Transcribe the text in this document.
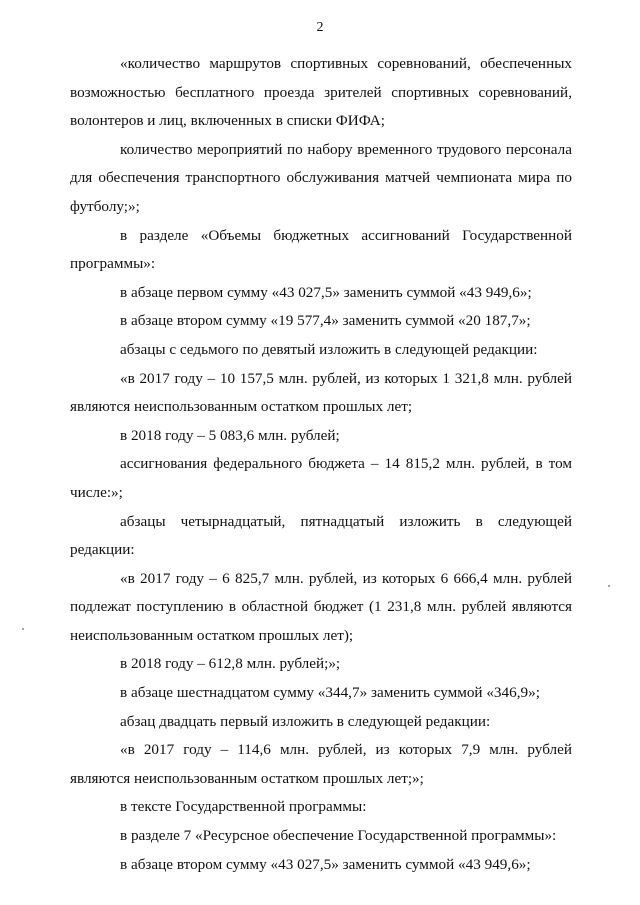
2

«количество маршрутов спортивных соревнований, обеспеченных возможностью бесплатного проезда зрителей спортивных соревнований, волонтеров и лиц, включенных в списки ФИФА;

количество мероприятий по набору временного трудового персонала для обеспечения транспортного обслуживания матчей чемпионата мира по футболу;»;

в разделе «Объемы бюджетных ассигнований Государственной программы»:

в абзаце первом сумму «43 027,5» заменить суммой «43 949,6»;

в абзаце втором сумму «19 577,4» заменить суммой «20 187,7»;

абзацы с седьмого по девятый изложить в следующей редакции:

«в 2017 году – 10 157,5 млн. рублей, из которых 1 321,8 млн. рублей являются неиспользованным остатком прошлых лет;

в 2018 году – 5 083,6 млн. рублей;

ассигнования федерального бюджета – 14 815,2 млн. рублей, в том числе:»;

абзацы четырнадцатый, пятнадцатый изложить в следующей редакции:

«в 2017 году – 6 825,7 млн. рублей, из которых 6 666,4 млн. рублей подлежат поступлению в областной бюджет (1 231,8 млн. рублей являются неиспользованным остатком прошлых лет);

в 2018 году – 612,8 млн. рублей;»;

в абзаце шестнадцатом сумму «344,7» заменить суммой «346,9»;

абзац двадцать первый изложить в следующей редакции:

«в 2017 году – 114,6 млн. рублей, из которых 7,9 млн. рублей являются неиспользованным остатком прошлых лет;»;

в тексте Государственной программы:

в разделе 7 «Ресурсное обеспечение Государственной программы»:

в абзаце втором сумму «43 027,5» заменить суммой «43 949,6»;
